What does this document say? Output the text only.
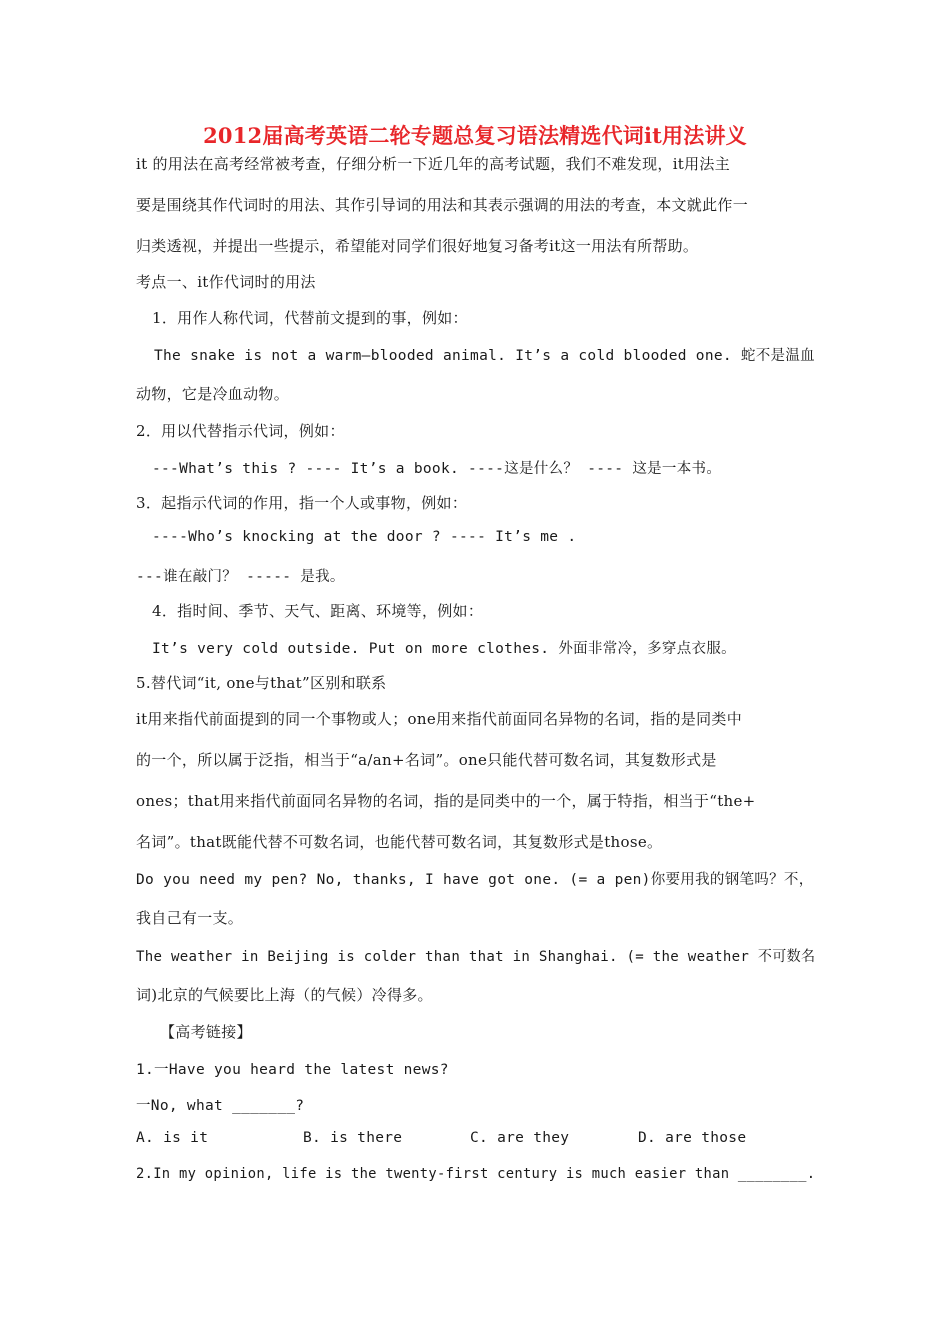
2012届高考英语二轮专题总复习语法精选代词it用法讲义
it 的用法在高考经常被考查，仔细分析一下近几年的高考试题，我们不难发现，it用法主
要是围绕其作代词时的用法、其作引导词的用法和其表示强调的用法的考查，本文就此作一
归类透视，并提出一些提示，希望能对同学们很好地复习备考it这一用法有所帮助。
考点一、it作代词时的用法
1．用作人称代词，代替前文提到的事，例如：
The snake is not a warm—blooded animal. It’s a cold blooded one. 蛇不是温血
动物，它是冷血动物。
2．用以代替指示代词，例如：
---What’s this ? ---- It’s a book. ----这是什么？ ---- 这是一本书。
3．起指示代词的作用，指一个人或事物，例如：
----Who’s knocking at the door ? ---- It’s me .
---谁在敲门？ ----- 是我。
4．指时间、季节、天气、距离、环境等，例如：
It’s very cold outside. Put on more clothes. 外面非常冷，多穿点衣服。
5.替代词“it, one与that”区别和联系
it用来指代前面提到的同一个事物或人；one用来指代前面同名异物的名词，指的是同类中
的一个，所以属于泛指，相当于“a/an+名词”。one只能代替可数名词，其复数形式是
ones；that用来指代前面同名异物的名词，指的是同类中的一个，属于特指，相当于“the+
名词”。that既能代替不可数名词，也能代替可数名词，其复数形式是those。
Do you need my pen? No, thanks, I have got one. (= a pen)你要用我的钢笔吗？不，
我自己有一支。
The weather in Beijing is colder than that in Shanghai. (= the weather 不可数名
词)北京的气候要比上海（的气候）冷得多。
【高考链接】
1.一Have you heard the latest news?
一No, what _______?
A. is it	B. is there	C. are they	D. are those
2.In my opinion, life is the twenty-first century is much easier than ________.
